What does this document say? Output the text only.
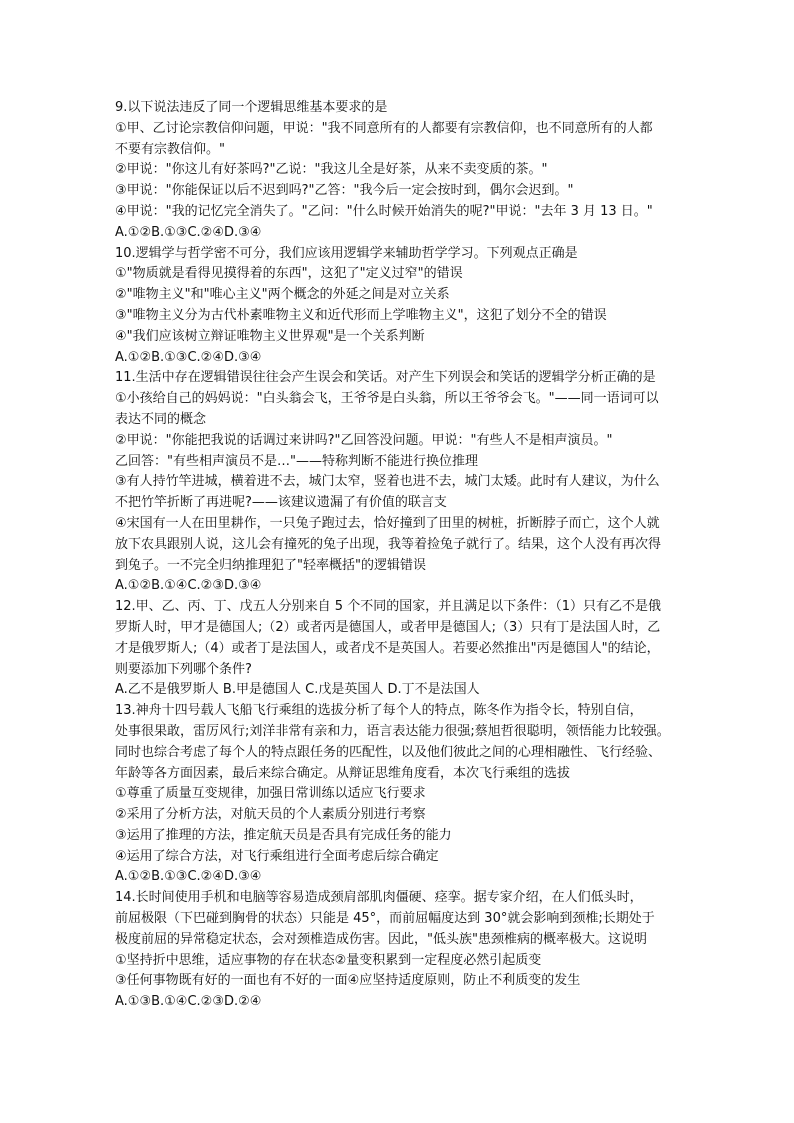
9.以下说法违反了同一个逻辑思维基本要求的是
①甲、乙讨论宗教信仰问题，甲说："我不同意所有的人都要有宗教信仰，也不同意所有的人都
不要有宗教信仰。"
②甲说："你这儿有好茶吗?"乙说："我这儿全是好茶，从来不卖变质的茶。"
③甲说："你能保证以后不迟到吗?"乙答："我今后一定会按时到，偶尔会迟到。"
④甲说："我的记忆完全消失了。"乙问："什么时候开始消失的呢?"甲说："去年 3 月 13 日。"
A.①②B.①③C.②④D.③④
10.逻辑学与哲学密不可分，我们应该用逻辑学来辅助哲学学习。下列观点正确是
①"物质就是看得见摸得着的东西"，这犯了"定义过窄"的错误
②"唯物主义"和"唯心主义"两个概念的外延之间是对立关系
③"唯物主义分为古代朴素唯物主义和近代形而上学唯物主义"，这犯了划分不全的错误
④"我们应该树立辩证唯物主义世界观"是一个关系判断
A.①②B.①③C.②④D.③④
11.生活中存在逻辑错误往往会产生误会和笑话。对产生下列误会和笑话的逻辑学分析正确的是
①小孩给自己的妈妈说："白头翁会飞，王爷爷是白头翁，所以王爷爷会飞。"——同一语词可以
表达不同的概念
②甲说："你能把我说的话调过来讲吗?"乙回答没问题。甲说："有些人不是相声演员。"
乙回答："有些相声演员不是…"——特称判断不能进行换位推理
③有人持竹竿进城，横着进不去，城门太窄，竖着也进不去，城门太矮。此时有人建议，为什么
不把竹竿折断了再进呢?——该建议遗漏了有价值的联言支
④宋国有一人在田里耕作，一只兔子跑过去，恰好撞到了田里的树桩，折断脖子而亡，这个人就
放下农具跟别人说，这儿会有撞死的兔子出现，我等着捡兔子就行了。结果，这个人没有再次得
到兔子。一不完全归纳推理犯了"轻率概括"的逻辑错误
A.①②B.①④C.②③D.③④
12.甲、乙、丙、丁、戊五人分别来自 5 个不同的国家，并且满足以下条件：（1）只有乙不是俄
罗斯人时，甲才是德国人;（2）或者丙是德国人，或者甲是德国人;（3）只有丁是法国人时，乙
才是俄罗斯人;（4）或者丁是法国人，或者戊不是英国人。若要必然推出"丙是德国人"的结论，
则要添加下列哪个条件?
A.乙不是俄罗斯人 B.甲是德国人 C.戊是英国人 D.丁不是法国人
13.神舟十四号载人飞船飞行乘组的选拔分析了每个人的特点，陈冬作为指令长，特别自信，
处事很果敢，雷厉风行;刘洋非常有亲和力，语言表达能力很强;蔡旭哲很聪明，领悟能力比较强。
同时也综合考虑了每个人的特点跟任务的匹配性，以及他们彼此之间的心理相融性、飞行经验、
年龄等各方面因素，最后来综合确定。从辩证思维角度看，本次飞行乘组的选拔
①尊重了质量互变规律，加强日常训练以适应飞行要求
②采用了分析方法，对航天员的个人素质分别进行考察
③运用了推理的方法，推定航天员是否具有完成任务的能力
④运用了综合方法，对飞行乘组进行全面考虑后综合确定
A.①②B.①③C.②④D.③④
14.长时间使用手机和电脑等容易造成颈肩部肌肉僵硬、痉挛。据专家介绍，在人们低头时，
前屈极限（下巴碰到胸骨的状态）只能是 45°，而前屈幅度达到 30°就会影响到颈椎;长期处于
极度前屈的异常稳定状态，会对颈椎造成伤害。因此，"低头族"患颈椎病的概率极大。这说明
①坚持折中思维，适应事物的存在状态②量变积累到一定程度必然引起质变
③任何事物既有好的一面也有不好的一面④应坚持适度原则，防止不利质变的发生
A.①③B.①④C.②③D.②④
